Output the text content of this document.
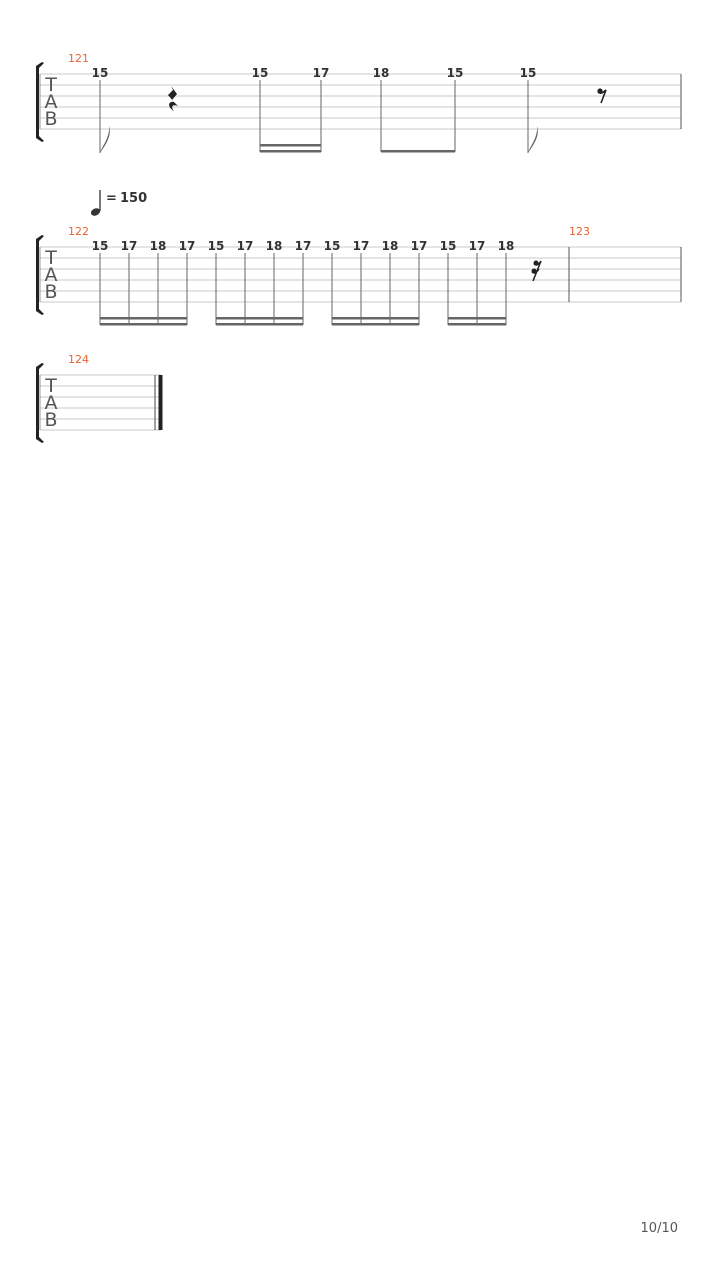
T
A
B
121
15	15	17	18	15	15
= 150
T
A
B
122	123
15 17 18 17 15 17 18 17 15 17 18 17 15 17 18
T
A
B
124
10/10
